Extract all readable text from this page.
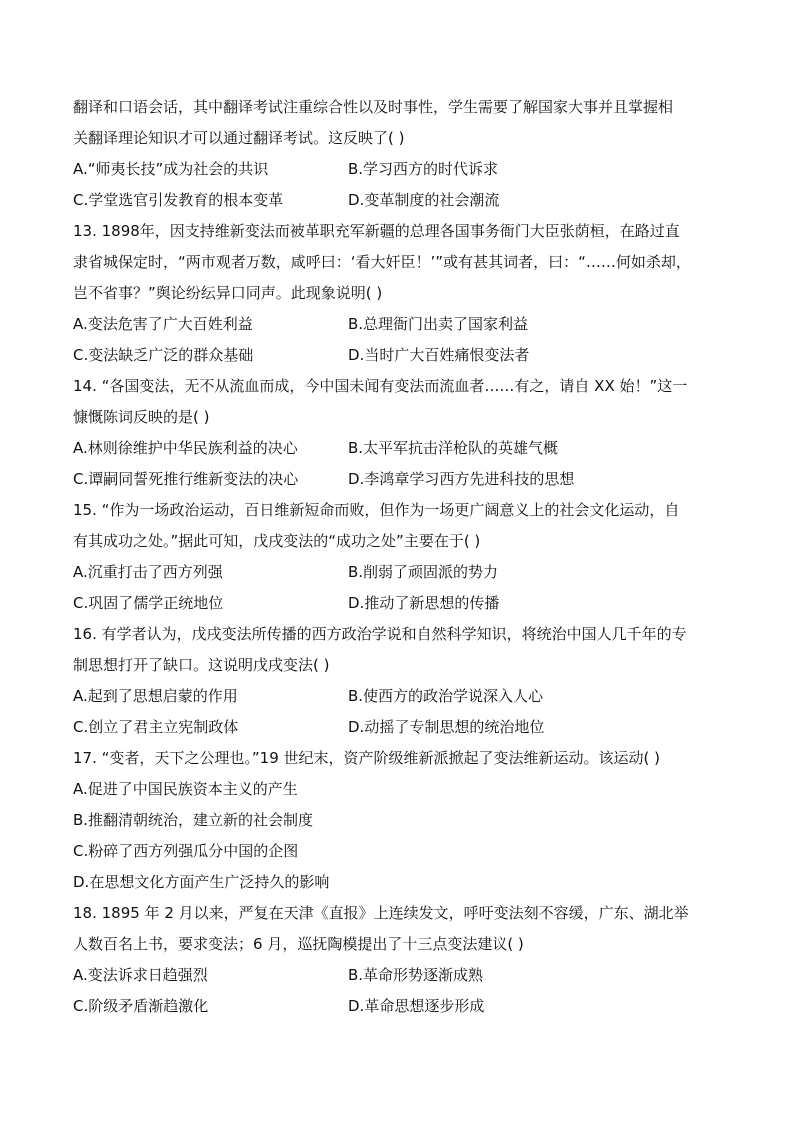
翻译和口语会话，其中翻译考试注重综合性以及时事性，学生需要了解国家大事并且掌握相
关翻译理论知识才可以通过翻译考试。这反映了( )
A.“师夷长技”成为社会的共识	B.学习西方的时代诉求
C.学堂选官引发教育的根本变革	D.变革制度的社会潮流
13. 1898年，因支持维新变法而被革职充军新疆的总理各国事务衙门大臣张荫桓，在路过直
隶省城保定时，“两市观者万数，咸呼曰：‘看大奸臣！’”或有甚其词者，曰：“……何如杀却，
岂不省事？”舆论纷纭异口同声。此现象说明( )
A.变法危害了广大百姓利益	B.总理衙门出卖了国家利益
C.变法缺乏广泛的群众基础	D.当时广大百姓痛恨变法者
14. “各国变法，无不从流血而成，今中国未闻有变法而流血者……有之，请自 XX 始！”这一
慷慨陈词反映的是( )
A.林则徐维护中华民族利益的决心	B.太平军抗击洋枪队的英雄气概
C.谭嗣同誓死推行维新变法的决心	D.李鸿章学习西方先进科技的思想
15. “作为一场政治运动，百日维新短命而败，但作为一场更广阔意义上的社会文化运动，自
有其成功之处。”据此可知，戊戌变法的“成功之处”主要在于( )
A.沉重打击了西方列强	B.削弱了顽固派的势力
C.巩固了儒学正统地位	D.推动了新思想的传播
16. 有学者认为，戊戌变法所传播的西方政治学说和自然科学知识，将统治中国人几千年的专
制思想打开了缺口。这说明戊戌变法( )
A.起到了思想启蒙的作用	B.使西方的政治学说深入人心
C.创立了君主立宪制政体	D.动摇了专制思想的统治地位
17. “变者，天下之公理也。”19 世纪末，资产阶级维新派掀起了变法维新运动。该运动( )
A.促进了中国民族资本主义的产生
B.推翻清朝统治，建立新的社会制度
C.粉碎了西方列强瓜分中国的企图
D.在思想文化方面产生广泛持久的影响
18. 1895 年 2 月以来，严复在天津《直报》上连续发文，呼吁变法刻不容缓，广东、湖北举
人数百名上书，要求变法；6 月，巡抚陶模提出了十三点变法建议( )
A.变法诉求日趋强烈	B.革命形势逐渐成熟
C.阶级矛盾渐趋激化	D.革命思想逐步形成
